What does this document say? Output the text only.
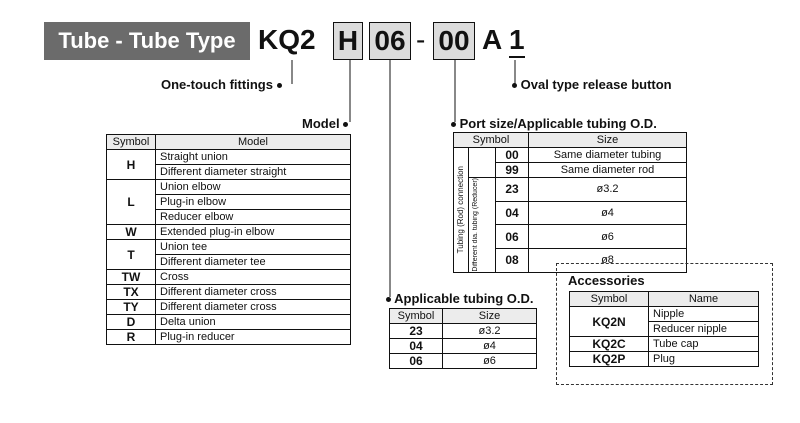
Tube - Tube Type KQ2 H 06 - 00 A 1
One-touch fittings	Oval type release button
Model	Port size/Applicable tubing O.D.
Applicable tubing O.D.
Symbol	Model
H	Straight union
	Different diameter straight
L	Union elbow
	Plug-in elbow
	Reducer elbow
W	Extended plug-in elbow
T	Union tee
	Different diameter tee
TW	Cross
TX	Different diameter cross
TY	Different diameter cross
D	Delta union
R	Plug-in reducer
Symbol			Size

Tubing (Rod) connection		00	Same diameter tubing
		99	Same diameter rod

	Different dia. tubing (Reducer)	23	ø3.2
		04	ø4
		06	ø6
		08	ø8
Symbol	Size
23	ø3.2
04	ø4
06	ø6
Accessories
Symbol	Name
KQ2N	Nipple
	Reducer nipple
KQ2C	Tube cap
KQ2P	Plug
